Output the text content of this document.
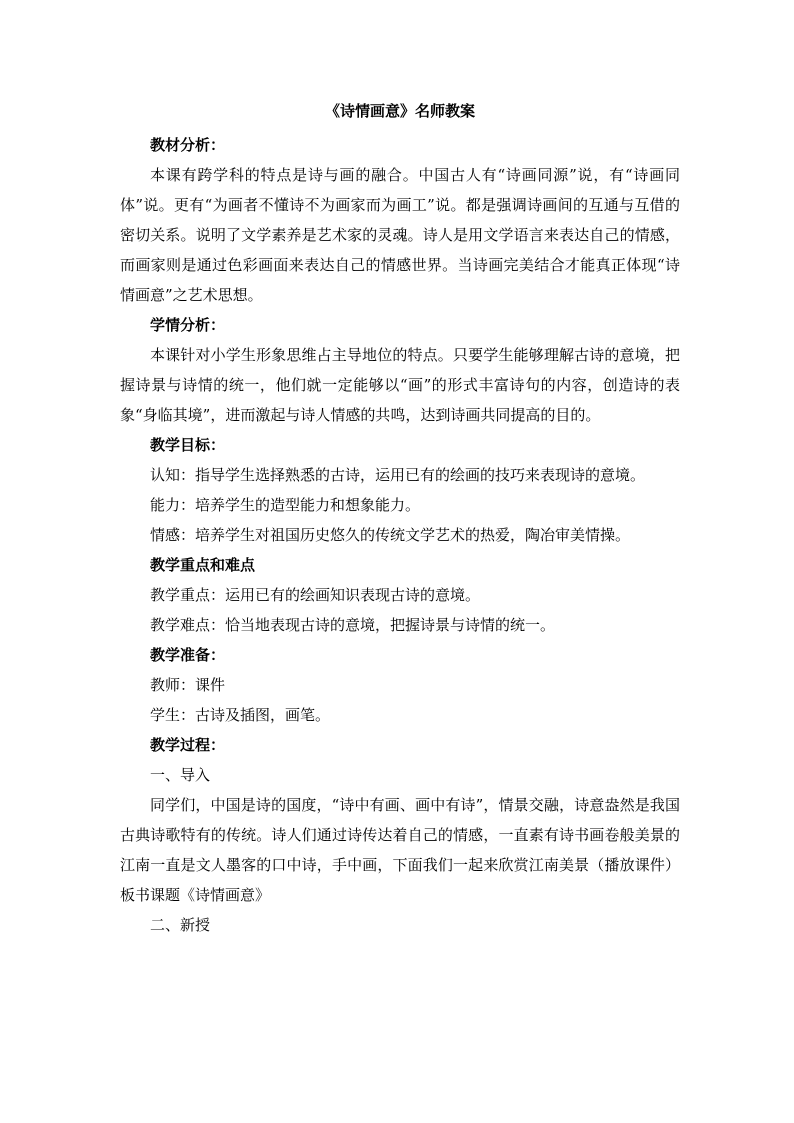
《诗情画意》名师教案

教材分析：

本课有跨学科的特点是诗与画的融合。中国古人有“诗画同源”说，有“诗画同体”说。更有“为画者不懂诗不为画家而为画工”说。都是强调诗画间的互通与互借的密切关系。说明了文学素养是艺术家的灵魂。诗人是用文学语言来表达自己的情感，而画家则是通过色彩画面来表达自己的情感世界。当诗画完美结合才能真正体现“诗情画意”之艺术思想。

学情分析：

本课针对小学生形象思维占主导地位的特点。只要学生能够理解古诗的意境，把握诗景与诗情的统一，他们就一定能够以“画”的形式丰富诗句的内容，创造诗的表象“身临其境”，进而激起与诗人情感的共鸣，达到诗画共同提高的目的。

教学目标：

认知：指导学生选择熟悉的古诗，运用已有的绘画的技巧来表现诗的意境。

能力：培养学生的造型能力和想象能力。

情感：培养学生对祖国历史悠久的传统文学艺术的热爱，陶冶审美情操。

教学重点和难点

教学重点：运用已有的绘画知识表现古诗的意境。

教学难点：恰当地表现古诗的意境，把握诗景与诗情的统一。

教学准备：

教师：课件

学生：古诗及插图，画笔。

教学过程：

一、导入

同学们，中国是诗的国度，“诗中有画、画中有诗”，情景交融，诗意盎然是我国古典诗歌特有的传统。诗人们通过诗传达着自己的情感，一直素有诗书画卷般美景的江南一直是文人墨客的口中诗，手中画，下面我们一起来欣赏江南美景（播放课件）板书课题《诗情画意》

二、新授
